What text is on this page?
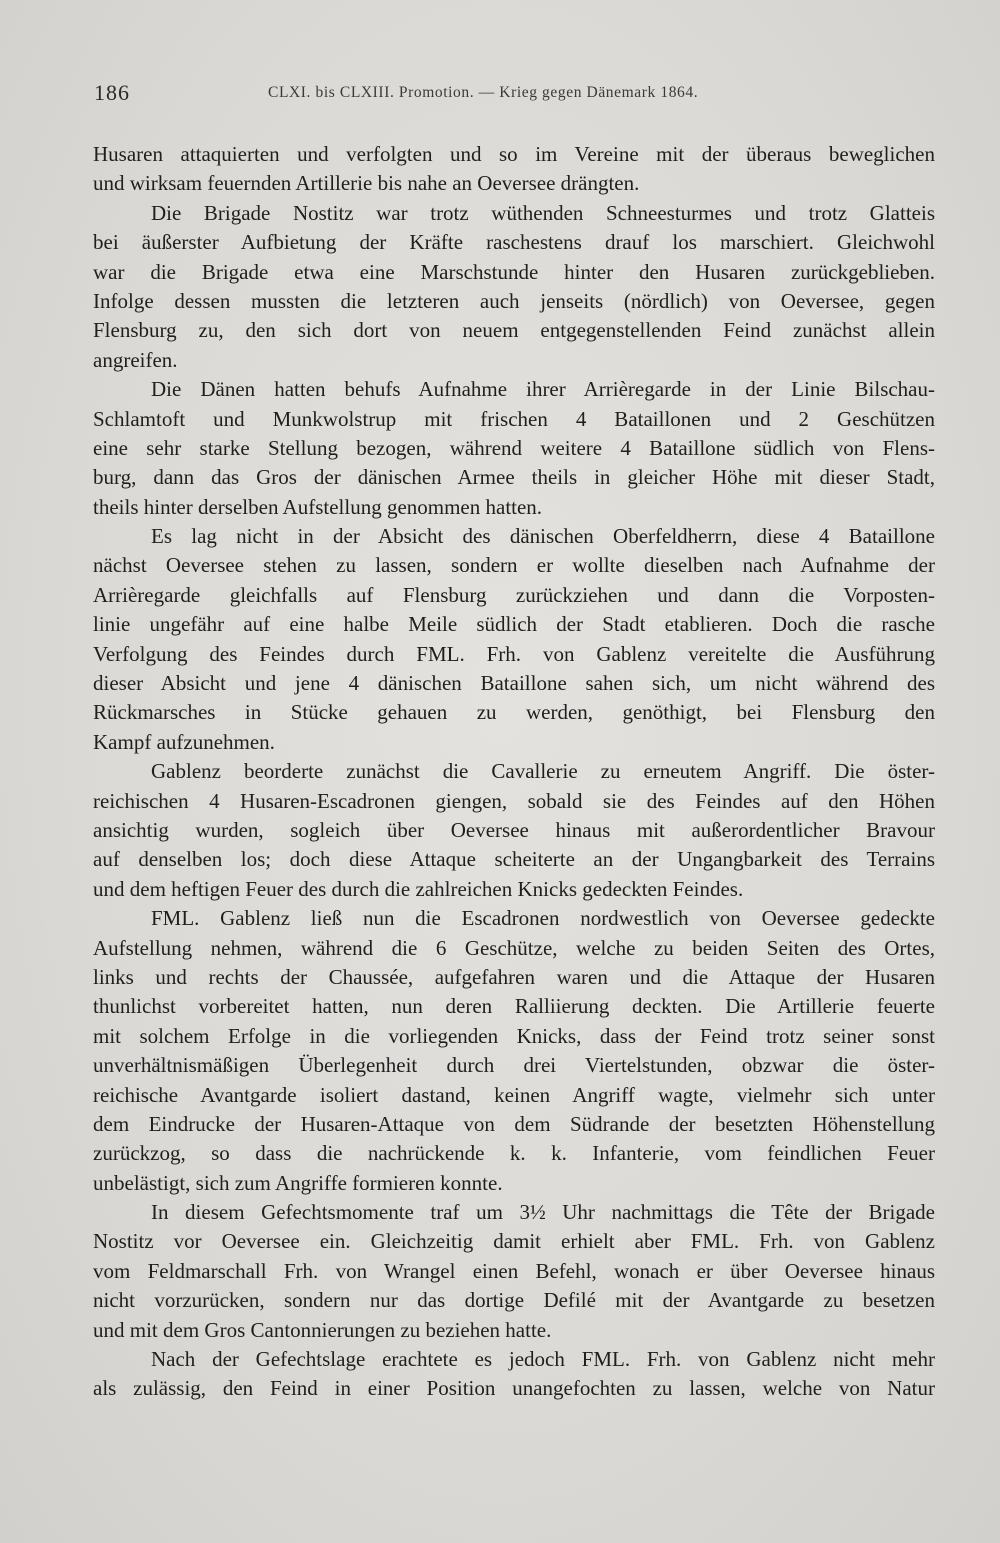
186	CLXI. bis CLXIII. Promotion. — Krieg gegen Dänemark 1864.
Husaren attaquierten und verfolgten und so im Vereine mit der überaus beweglichen
und wirksam feuernden Artillerie bis nahe an Oeversee drängten.
Die Brigade Nostitz war trotz wüthenden Schneesturmes und trotz Glatteis
bei äußerster Aufbietung der Kräfte raschestens drauf los marschiert. Gleichwohl
war die Brigade etwa eine Marschstunde hinter den Husaren zurückgeblieben.
Infolge dessen mussten die letzteren auch jenseits (nördlich) von Oeversee, gegen
Flensburg zu, den sich dort von neuem entgegenstellenden Feind zunächst allein
angreifen.
Die Dänen hatten behufs Aufnahme ihrer Arrièregarde in der Linie Bilschau-
Schlamtoft und Munkwolstrup mit frischen 4 Bataillonen und 2 Geschützen
eine sehr starke Stellung bezogen, während weitere 4 Bataillone südlich von Flens-
burg, dann das Gros der dänischen Armee theils in gleicher Höhe mit dieser Stadt,
theils hinter derselben Aufstellung genommen hatten.
Es lag nicht in der Absicht des dänischen Oberfeldherrn, diese 4 Bataillone
nächst Oeversee stehen zu lassen, sondern er wollte dieselben nach Aufnahme der
Arrièregarde gleichfalls auf Flensburg zurückziehen und dann die Vorposten-
linie ungefähr auf eine halbe Meile südlich der Stadt etablieren. Doch die rasche
Verfolgung des Feindes durch FML. Frh. von Gablenz vereitelte die Ausführung
dieser Absicht und jene 4 dänischen Bataillone sahen sich, um nicht während des
Rückmarsches in Stücke gehauen zu werden, genöthigt, bei Flensburg den
Kampf aufzunehmen.
Gablenz beorderte zunächst die Cavallerie zu erneutem Angriff. Die öster-
reichischen 4 Husaren-Escadronen giengen, sobald sie des Feindes auf den Höhen
ansichtig wurden, sogleich über Oeversee hinaus mit außerordentlicher Bravour
auf denselben los; doch diese Attaque scheiterte an der Ungangbarkeit des Terrains
und dem heftigen Feuer des durch die zahlreichen Knicks gedeckten Feindes.
FML. Gablenz ließ nun die Escadronen nordwestlich von Oeversee gedeckte
Aufstellung nehmen, während die 6 Geschütze, welche zu beiden Seiten des Ortes,
links und rechts der Chaussée, aufgefahren waren und die Attaque der Husaren
thunlichst vorbereitet hatten, nun deren Ralliierung deckten. Die Artillerie feuerte
mit solchem Erfolge in die vorliegenden Knicks, dass der Feind trotz seiner sonst
unverhältnismäßigen Überlegenheit durch drei Viertelstunden, obzwar die öster-
reichische Avantgarde isoliert dastand, keinen Angriff wagte, vielmehr sich unter
dem Eindrucke der Husaren-Attaque von dem Südrande der besetzten Höhenstellung
zurückzog, so dass die nachrückende k. k. Infanterie, vom feindlichen Feuer
unbelästigt, sich zum Angriffe formieren konnte.
In diesem Gefechtsmomente traf um 3½ Uhr nachmittags die Tête der Brigade
Nostitz vor Oeversee ein. Gleichzeitig damit erhielt aber FML. Frh. von Gablenz
vom Feldmarschall Frh. von Wrangel einen Befehl, wonach er über Oeversee hinaus
nicht vorzurücken, sondern nur das dortige Defilé mit der Avantgarde zu besetzen
und mit dem Gros Cantonnierungen zu beziehen hatte.
Nach der Gefechtslage erachtete es jedoch FML. Frh. von Gablenz nicht mehr
als zulässig, den Feind in einer Position unangefochten zu lassen, welche von Natur
